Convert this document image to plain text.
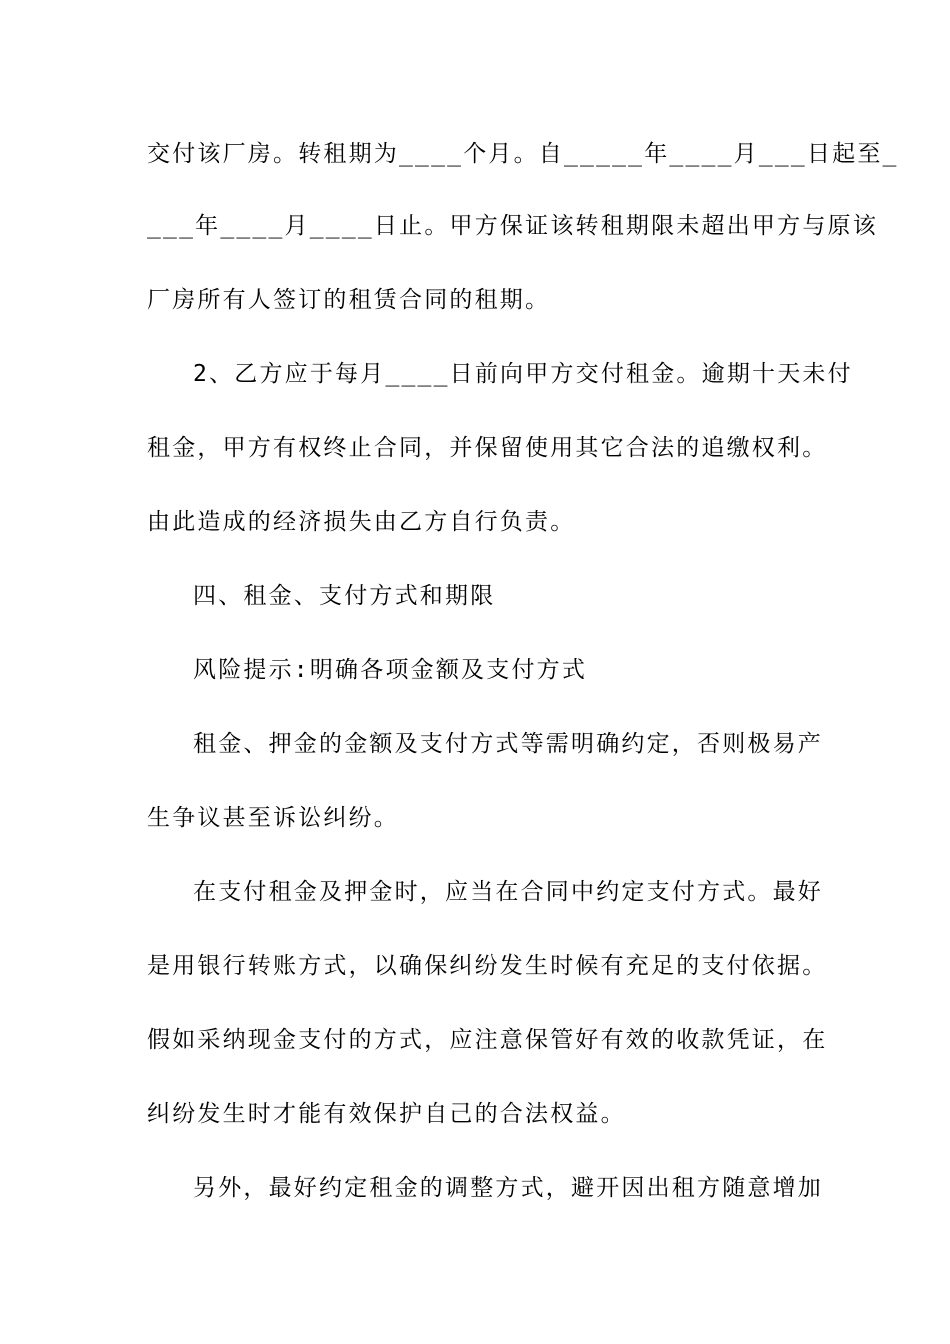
交付该厂房。转租期为____个月。自_____年____月___日起至_
___年____月____日止。甲方保证该转租期限未超出甲方与原该
厂房所有人签订的租赁合同的租期。
2、乙方应于每月____日前向甲方交付租金。逾期十天未付
租金，甲方有权终止合同，并保留使用其它合法的追缴权利。
由此造成的经济损失由乙方自行负责。
四、租金、支付方式和期限
风险提示:明确各项金额及支付方式
租金、押金的金额及支付方式等需明确约定，否则极易产
生争议甚至诉讼纠纷。
在支付租金及押金时，应当在合同中约定支付方式。最好
是用银行转账方式，以确保纠纷发生时候有充足的支付依据。
假如采纳现金支付的方式，应注意保管好有效的收款凭证，在
纠纷发生时才能有效保护自己的合法权益。
另外，最好约定租金的调整方式，避开因出租方随意增加
